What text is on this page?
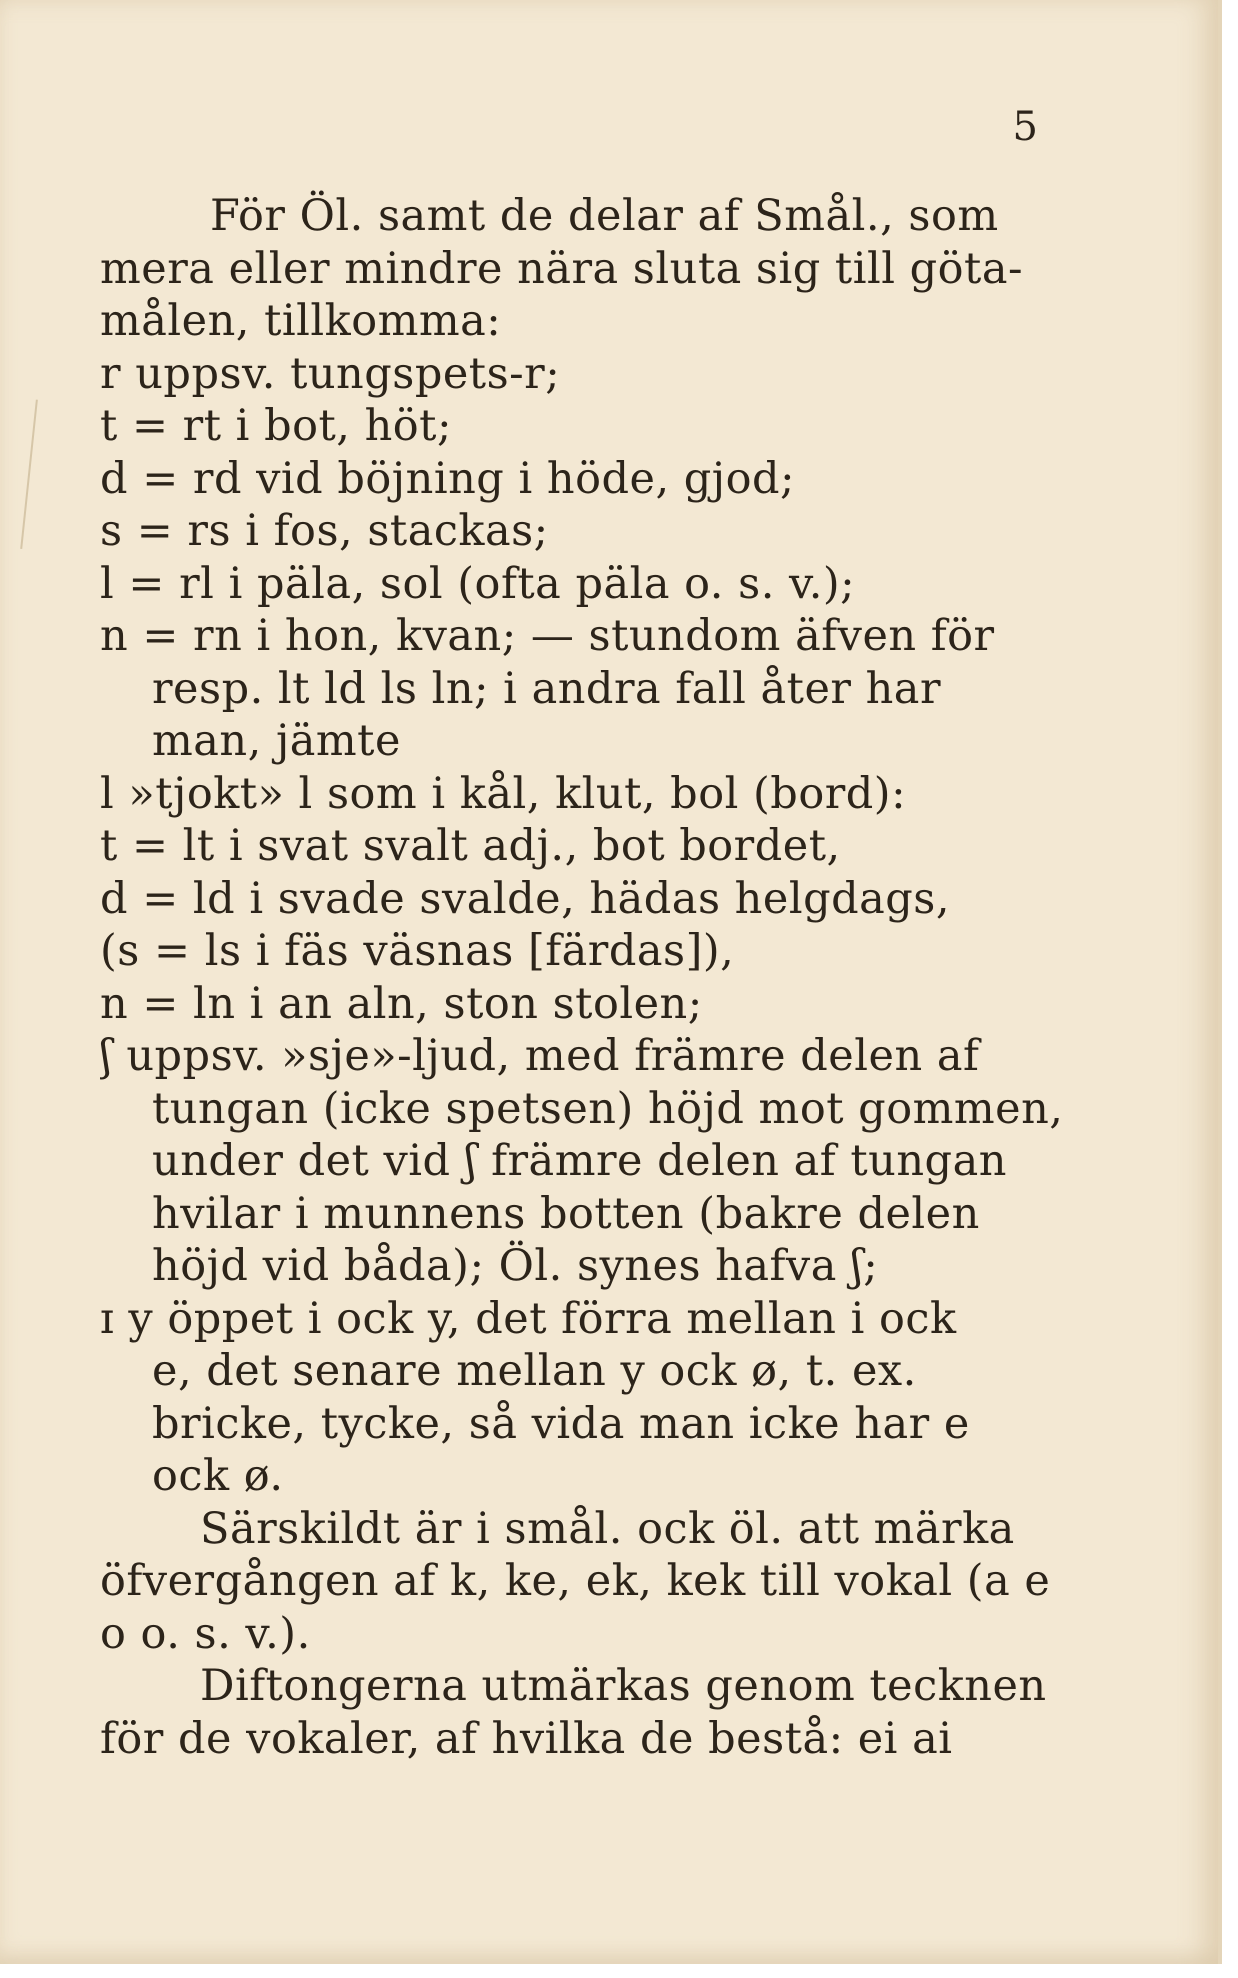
5
För Öl. samt de delar af Smål., som
mera eller mindre nära sluta sig till göta-
målen, tillkomma:
r uppsv. tungspets-r;
t = rt i bot, höt;
d = rd vid böjning i höde, gjod;
s = rs i fos, stackas;
l = rl i päla, sol (ofta päla o. s. v.);
n = rn i hon, kvan; — stundom äfven för
resp. lt ld ls ln; i andra fall åter har
man, jämte
l »tjokt» l som i kål, klut, bol (bord):
t = lt i svat svalt adj., bot bordet,
d = ld i svade svalde, hädas helgdags,
(s = ls i fäs väsnas [färdas]),
n = ln i an aln, ston stolen;
ʃ uppsv. »sje»-ljud, med främre delen af
tungan (icke spetsen) höjd mot gommen,
under det vid ʃ främre delen af tungan
hvilar i munnens botten (bakre delen
höjd vid båda); Öl. synes hafva ʃ;
ɪ y öppet i ock y, det förra mellan i ock
e, det senare mellan y ock ø, t. ex.
bricke, tycke, så vida man icke har e
ock ø.
Särskildt är i smål. ock öl. att märka
öfvergången af k, ke, ek, kek till vokal (a e
o o. s. v.).
Diftongerna utmärkas genom tecknen
för de vokaler, af hvilka de bestå: ei ai
